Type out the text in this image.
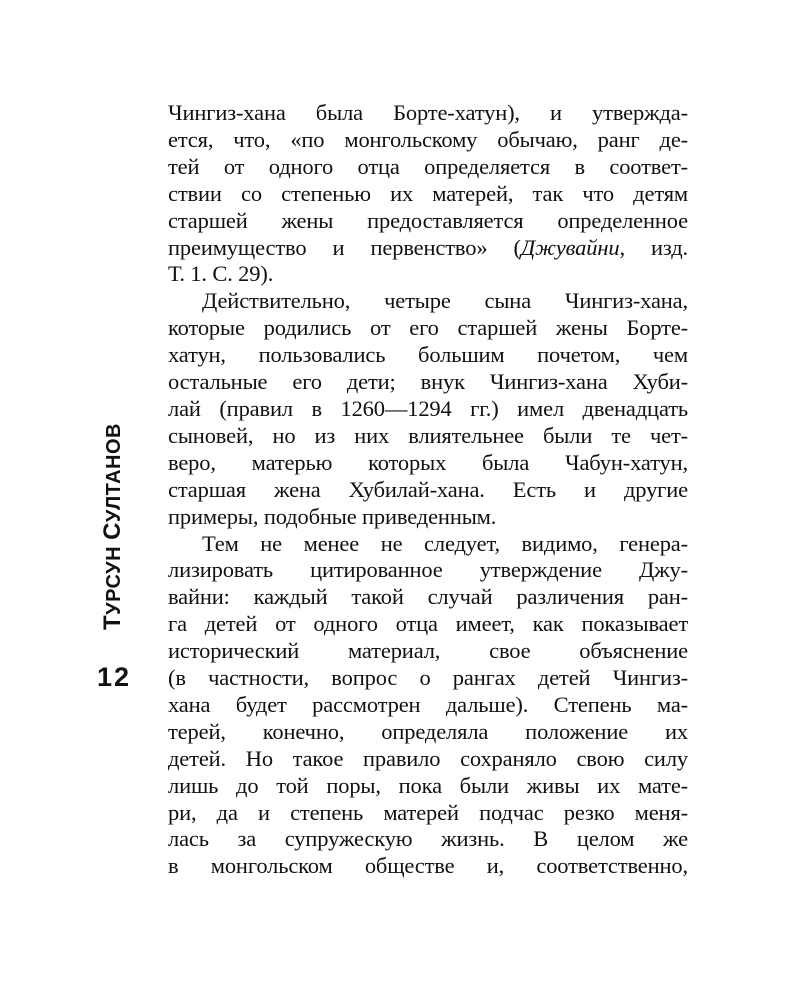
ТУРСУН СУЛТАНОВ
12
Чингиз-хана была Борте-хатун), и утвержда-
ется, что, «по монгольскому обычаю, ранг де-
тей от одного отца определяется в соответ-
ствии со степенью их матерей, так что детям
старшей жены предоставляется определенное
преимущество и первенство» (Джувайни, изд.
Т. 1. С. 29).
Действительно, четыре сына Чингиз-хана,
которые родились от его старшей жены Борте-
хатун, пользовались большим почетом, чем
остальные его дети; внук Чингиз-хана Хуби-
лай (правил в 1260—1294 гг.) имел двенадцать
сыновей, но из них влиятельнее были те чет-
веро, матерью которых была Чабун-хатун,
старшая жена Хубилай-хана. Есть и другие
примеры, подобные приведенным.
Тем не менее не следует, видимо, генера-
лизировать цитированное утверждение Джу-
вайни: каждый такой случай различения ран-
га детей от одного отца имеет, как показывает
исторический материал, свое объяснение
(в частности, вопрос о рангах детей Чингиз-
хана будет рассмотрен дальше). Степень ма-
терей, конечно, определяла положение их
детей. Но такое правило сохраняло свою силу
лишь до той поры, пока были живы их мате-
ри, да и степень матерей подчас резко меня-
лась за супружескую жизнь. В целом же
в монгольском обществе и, соответственно,
